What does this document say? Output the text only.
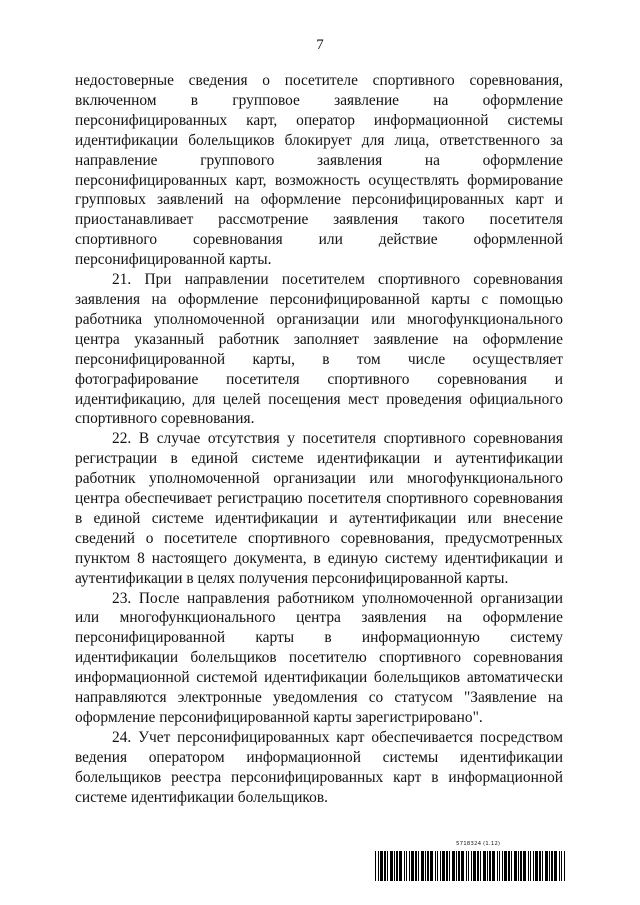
7

недостоверные сведения о посетителе спортивного соревнования, включенном в групповое заявление на оформление персонифицированных карт, оператор информационной системы идентификации болельщиков блокирует для лица, ответственного за направление группового заявления на оформление персонифицированных карт, возможность осуществлять формирование групповых заявлений на оформление персонифицированных карт и приостанавливает рассмотрение заявления такого посетителя спортивного соревнования или действие оформленной персонифицированной карты.

21. При направлении посетителем спортивного соревнования заявления на оформление персонифицированной карты с помощью работника уполномоченной организации или многофункционального центра указанный работник заполняет заявление на оформление персонифицированной карты, в том числе осуществляет фотографирование посетителя спортивного соревнования и идентификацию, для целей посещения мест проведения официального спортивного соревнования.

22. В случае отсутствия у посетителя спортивного соревнования регистрации в единой системе идентификации и аутентификации работник уполномоченной организации или многофункционального центра обеспечивает регистрацию посетителя спортивного соревнования в единой системе идентификации и аутентификации или внесение сведений о посетителе спортивного соревнования, предусмотренных пунктом 8 настоящего документа, в единую систему идентификации и аутентификации в целях получения персонифицированной карты.

23. После направления работником уполномоченной организации или многофункционального центра заявления на оформление персонифицированной карты в информационную систему идентификации болельщиков посетителю спортивного соревнования информационной системой идентификации болельщиков автоматически направляются электронные уведомления со статусом "Заявление на оформление персонифицированной карты зарегистрировано".

24. Учет персонифицированных карт обеспечивается посредством ведения оператором информационной системы идентификации болельщиков реестра персонифицированных карт в информационной системе идентификации болельщиков.

5718324 (1.12)
